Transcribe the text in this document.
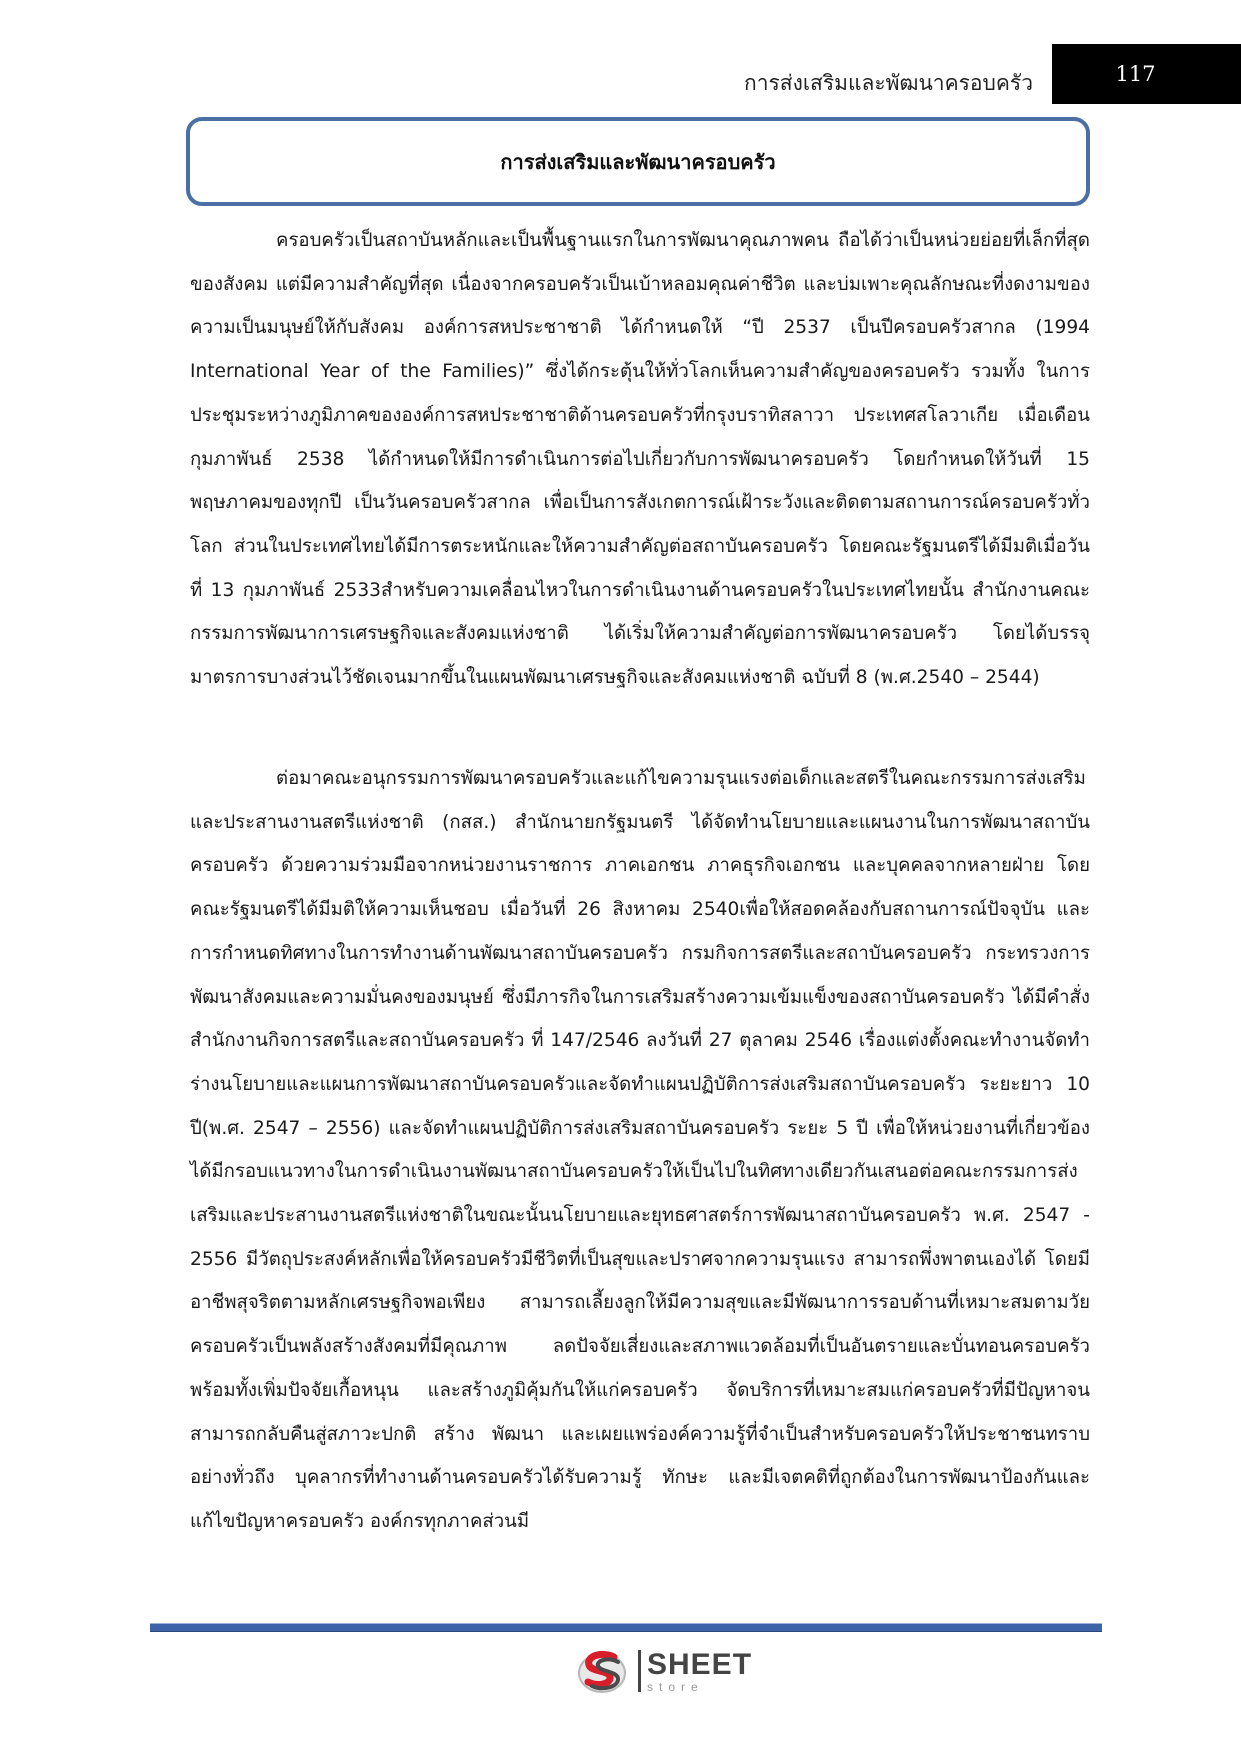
การส่งเสริมและพัฒนาครอบครัว	117
การส่งเสริมและพัฒนาครอบครัว

ครอบครัวเป็นสถาบันหลักและเป็นพื้นฐานแรกในการพัฒนาคุณภาพคน ถือได้ว่าเป็นหน่วยย่อยที่เล็กที่สุดของสังคม แต่มีความสำคัญที่สุด เนื่องจากครอบครัวเป็นเบ้าหลอมคุณค่าชีวิต และบ่มเพาะคุณลักษณะที่งดงามของความเป็นมนุษย์ให้กับสังคม องค์การสหประชาชาติ ได้กำหนดให้ “ปี 2537 เป็นปีครอบครัวสากล (1994 International Year of the Families)” ซึ่งได้กระตุ้นให้ทั่วโลกเห็นความสำคัญของครอบครัว รวมทั้ง ในการประชุมระหว่างภูมิภาคขององค์การสหประชาชาติด้านครอบครัวที่กรุงบราทิสลาวา ประเทศสโลวาเกีย เมื่อเดือนกุมภาพันธ์ 2538 ได้กำหนดให้มีการดำเนินการต่อไปเกี่ยวกับการพัฒนาครอบครัว โดยกำหนดให้วันที่ 15 พฤษภาคมของทุกปี เป็นวันครอบครัวสากล เพื่อเป็นการสังเกตการณ์เฝ้าระวังและติดตามสถานการณ์ครอบครัวทั่วโลก ส่วนในประเทศไทยได้มีการตระหนักและให้ความสำคัญต่อสถาบันครอบครัว โดยคณะรัฐมนตรีได้มีมติเมื่อวันที่ 13 กุมภาพันธ์ 2533สำหรับความเคลื่อนไหวในการดำเนินงานด้านครอบครัวในประเทศไทยนั้น สำนักงานคณะกรรมการพัฒนาการเศรษฐกิจและสังคมแห่งชาติ ได้เริ่มให้ความสำคัญต่อการพัฒนาครอบครัว โดยได้บรรจุมาตรการบางส่วนไว้ชัดเจนมากขึ้นในแผนพัฒนาเศรษฐกิจและสังคมแห่งชาติ ฉบับที่ 8 (พ.ศ.2540 – 2544)

ต่อมาคณะอนุกรรมการพัฒนาครอบครัวและแก้ไขความรุนแรงต่อเด็กและสตรีในคณะกรรมการส่งเสริมและประสานงานสตรีแห่งชาติ (กสส.) สำนักนายกรัฐมนตรี ได้จัดทำนโยบายและแผนงานในการพัฒนาสถาบันครอบครัว ด้วยความร่วมมือจากหน่วยงานราชการ ภาคเอกชน ภาคธุรกิจเอกชน และบุคคลจากหลายฝ่าย โดยคณะรัฐมนตรีได้มีมติให้ความเห็นชอบ เมื่อวันที่ 26 สิงหาคม 2540เพื่อให้สอดคล้องกับสถานการณ์ปัจจุบัน และการกำหนดทิศทางในการทำงานด้านพัฒนาสถาบันครอบครัว กรมกิจการสตรีและสถาบันครอบครัว กระทรวงการพัฒนาสังคมและความมั่นคงของมนุษย์ ซึ่งมีภารกิจในการเสริมสร้างความเข้มแข็งของสถาบันครอบครัว ได้มีคำสั่งสำนักงานกิจการสตรีและสถาบันครอบครัว ที่ 147/2546 ลงวันที่ 27 ตุลาคม 2546 เรื่องแต่งตั้งคณะทำงานจัดทำร่างนโยบายและแผนการพัฒนาสถาบันครอบครัวและจัดทำแผนปฏิบัติการส่งเสริมสถาบันครอบครัว ระยะยาว 10 ปี(พ.ศ. 2547 – 2556) และจัดทำแผนปฏิบัติการส่งเสริมสถาบันครอบครัว ระยะ 5 ปี เพื่อให้หน่วยงานที่เกี่ยวข้องได้มีกรอบแนวทางในการดำเนินงานพัฒนาสถาบันครอบครัวให้เป็นไปในทิศทางเดียวกันเสนอต่อคณะกรรมการส่งเสริมและประสานงานสตรีแห่งชาติในขณะนั้นนโยบายและยุทธศาสตร์การพัฒนาสถาบันครอบครัว พ.ศ. 2547 - 2556 มีวัตถุประสงค์หลักเพื่อให้ครอบครัวมีชีวิตที่เป็นสุขและปราศจากความรุนแรง สามารถพึ่งพาตนเองได้ โดยมีอาชีพสุจริตตามหลักเศรษฐกิจพอเพียง สามารถเลี้ยงลูกให้มีความสุขและมีพัฒนาการรอบด้านที่เหมาะสมตามวัยครอบครัวเป็นพลังสร้างสังคมที่มีคุณภาพ ลดปัจจัยเสี่ยงและสภาพแวดล้อมที่เป็นอันตรายและบั่นทอนครอบครัว พร้อมทั้งเพิ่มปัจจัยเกื้อหนุน และสร้างภูมิคุ้มกันให้แก่ครอบครัว จัดบริการที่เหมาะสมแก่ครอบครัวที่มีปัญหาจนสามารถกลับคืนสู่สภาวะปกติ สร้าง พัฒนา และเผยแพร่องค์ความรู้ที่จำเป็นสำหรับครอบครัวให้ประชาชนทราบอย่างทั่วถึง บุคลากรที่ทำงานด้านครอบครัวได้รับความรู้ ทักษะ และมีเจตคติที่ถูกต้องในการพัฒนาป้องกันและแก้ไขปัญหาครอบครัว องค์กรทุกภาคส่วนมี

SHEET
store
